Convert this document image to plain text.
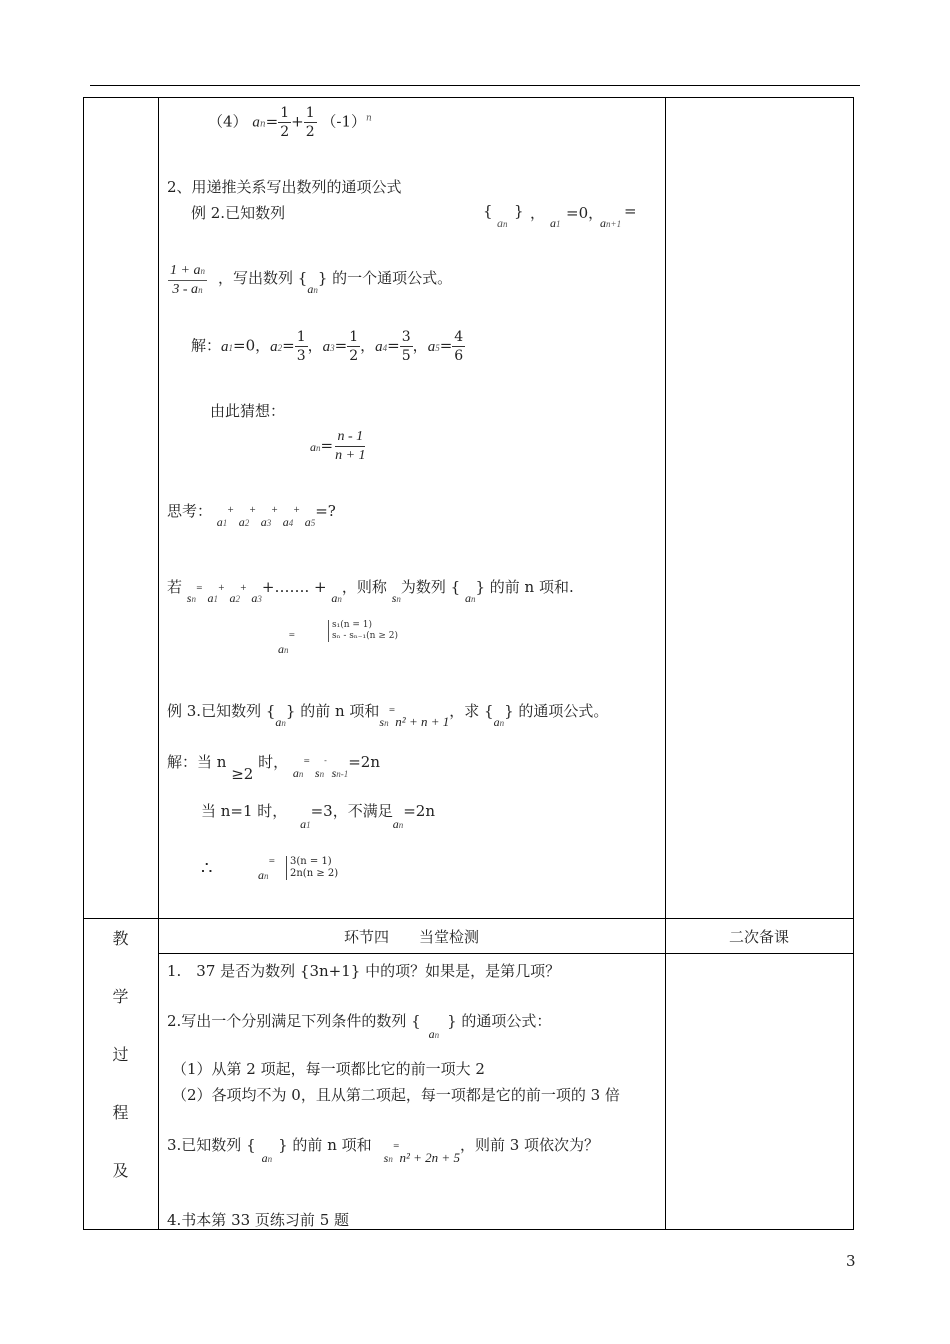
（4） $an= \frac{1}{2} + \frac{1}{2} (-1)^n$
2、用递推关系写出数列的通项公式
例 2.已知数列	{
an
} ， =0，
a1
=
an+1
$\frac{1 + an}{3 - an}$ ，写出数列 $\{_{an}\}$ 的一个通项公式。
解：a1=0，$a2= \frac{1}{3}$ ，$a3= \frac{1}{2}$ ，$a4= \frac{3}{5}$ ，$a5= \frac{4}{6}$
由此猜想：
$an= \frac{n - 1}{n + 1}$
思考： $_{a1}$+ $_{a2}$+ $_{a3}$+ $_{a4}$+ $_{a5}$=?
若 $_{sn}$= $_{a1}$+ $_{a2}$+ $_{a3}$+……. + $_{an}$，则称 $_{sn}$为数列 { $_{an}$} 的前 n 项和.
$_{an}$=
s₁(n = 1)
sₙ - sₙ₋₁(n ≥ 2)
例 3.已知数列 $\{_{an}\}$ 的前 n 项和$_{sn}$=n² + n + 1，求 $\{_{an}\}$ 的通项公式。
解：当 n ≥2 时， $_{an}$= $_{sn}$- $_{sn-1}$=2n
当 n=1 时， $_{a1}$=3，不满足$_{an}$=2n
∴	$_{an}$= 3(n = 1)
2n(n ≥ 2)
教
学
过
程
及
环节四　　当堂检测	二次备课
1.　37 是否为数列 {3n+1} 中的项？如果是，是第几项？
2.写出一个分别满足下列条件的数列 $\{_{an}\}$ 的通项公式：
（1）从第 2 项起，每一项都比它的前一项大 2
（2）各项均不为 0，且从第二项起，每一项都是它的前一项的 3 倍
3.已知数列 $\{_{an}\}$ 的前 n 项和$_{sn}$=n² + 2n + 5，则前 3 项依次为？
4.书本第 33 页练习前 5 题
3
